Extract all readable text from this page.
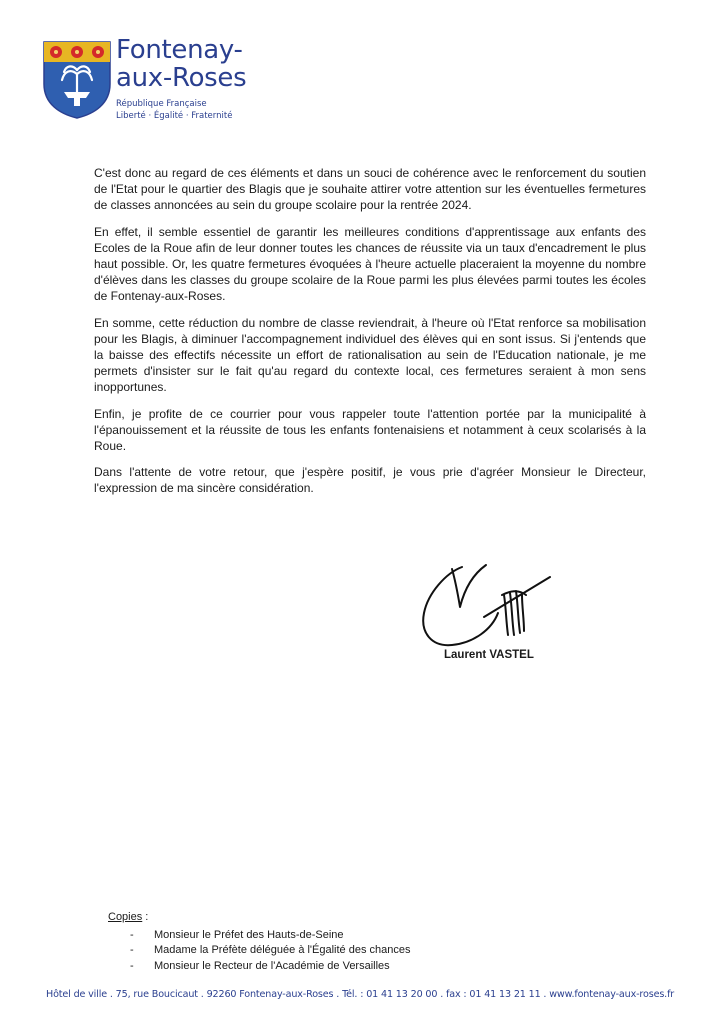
Fontenay-
aux-Roses
République Française
Liberté · Égalité · Fraternité

C'est donc au regard de ces éléments et dans un souci de cohérence avec le renforcement du soutien de l'Etat pour le quartier des Blagis que je souhaite attirer votre attention sur les éventuelles fermetures de classes annoncées au sein du groupe scolaire pour la rentrée 2024.

En effet, il semble essentiel de garantir les meilleures conditions d'apprentissage aux enfants des Ecoles de la Roue afin de leur donner toutes les chances de réussite via un taux d'encadrement le plus haut possible. Or, les quatre fermetures évoquées à l'heure actuelle placeraient la moyenne du nombre d'élèves dans les classes du groupe scolaire de la Roue parmi les plus élevées parmi toutes les écoles de Fontenay-aux-Roses.

En somme, cette réduction du nombre de classe reviendrait, à l'heure où l'Etat renforce sa mobilisation pour les Blagis, à diminuer l'accompagnement individuel des élèves qui en sont issus. Si j'entends que la baisse des effectifs nécessite un effort de rationalisation au sein de l'Education nationale, je me permets d'insister sur le fait qu'au regard du contexte local, ces fermetures seraient à mon sens inopportunes.

Enfin, je profite de ce courrier pour vous rappeler toute l'attention portée par la municipalité à l'épanouissement et la réussite de tous les enfants fontenaisiens et notamment à ceux scolarisés à la Roue.

Dans l'attente de votre retour, que j'espère positif, je vous prie d'agréer Monsieur le Directeur, l'expression de ma sincère considération.

Laurent VASTEL
Copies :
- Monsieur le Préfet des Hauts-de-Seine
- Madame la Préfète déléguée à l'Égalité des chances
- Monsieur le Recteur de l'Académie de Versailles
Hôtel de ville . 75, rue Boucicaut . 92260 Fontenay-aux-Roses . Tél. : 01 41 13 20 00 . fax : 01 41 13 21 11 . www.fontenay-aux-roses.fr
